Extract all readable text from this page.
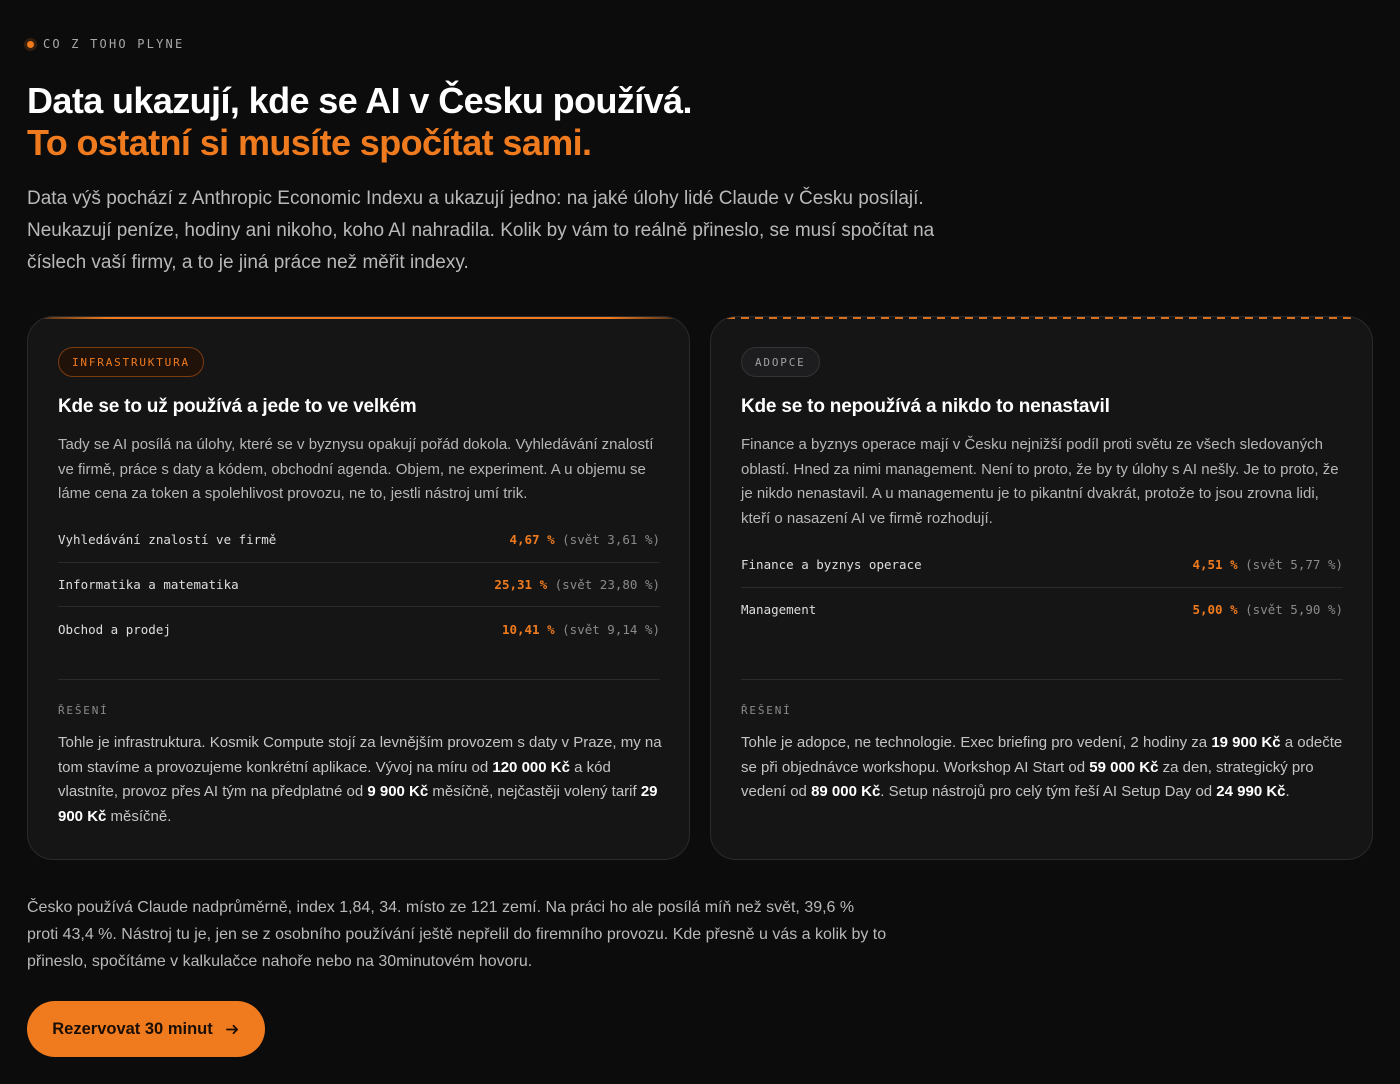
CO Z TOHO PLYNE
Data ukazují, kde se AI v Česku používá.
To ostatní si musíte spočítat sami.

Data výš pochází z Anthropic Economic Indexu a ukazují jedno: na jaké úlohy lidé Claude v Česku posílají. Neukazují peníze, hodiny ani nikoho, koho AI nahradila. Kolik by vám to reálně přineslo, se musí spočítat na číslech vaší firmy, a to je jiná práce než měřit indexy.

INFRASTRUKTURA
Kde se to už používá a jede to ve velkém

Tady se AI posílá na úlohy, které se v byznysu opakují pořád dokola. Vyhledávání znalostí ve firmě, práce s daty a kódem, obchodní agenda. Objem, ne experiment. A u objemu se láme cena za token a spolehlivost provozu, ne to, jestli nástroj umí trik.

Vyhledávání znalostí ve firmě	4,67 % (svět 3,61 %)
Informatika a matematika	25,31 % (svět 23,80 %)
Obchod a prodej	10,41 % (svět 9,14 %)
ŘEŠENÍ

Tohle je infrastruktura. Kosmik Compute stojí za levnějším provozem s daty v Praze, my na tom stavíme a provozujeme konkrétní aplikace. Vývoj na míru od 120 000 Kč a kód vlastníte, provoz přes AI tým na předplatné od 9 900 Kč měsíčně, nejčastěji volený tarif 29 900 Kč měsíčně.

ADOPCE
Kde se to nepoužívá a nikdo to nenastavil

Finance a byznys operace mají v Česku nejnižší podíl proti světu ze všech sledovaných oblastí. Hned za nimi management. Není to proto, že by ty úlohy s AI nešly. Je to proto, že je nikdo nenastavil. A u managementu je to pikantní dvakrát, protože to jsou zrovna lidi, kteří o nasazení AI ve firmě rozhodují.

Finance a byznys operace	4,51 % (svět 5,77 %)
Management	5,00 % (svět 5,90 %)
ŘEŠENÍ

Tohle je adopce, ne technologie. Exec briefing pro vedení, 2 hodiny za 19 900 Kč a odečte se při objednávce workshopu. Workshop AI Start od 59 000 Kč za den, strategický pro vedení od 89 000 Kč. Setup nástrojů pro celý tým řeší AI Setup Day od 24 990 Kč.

Česko používá Claude nadprůměrně, index 1,84, 34. místo ze 121 zemí. Na práci ho ale posílá míň než svět, 39,6 % proti 43,4 %. Nástroj tu je, jen se z osobního používání ještě nepřelil do firemního provozu. Kde přesně u vás a kolik by to přineslo, spočítáme v kalkulačce nahoře nebo na 30minutovém hovoru.

Rezervovat 30 minut
